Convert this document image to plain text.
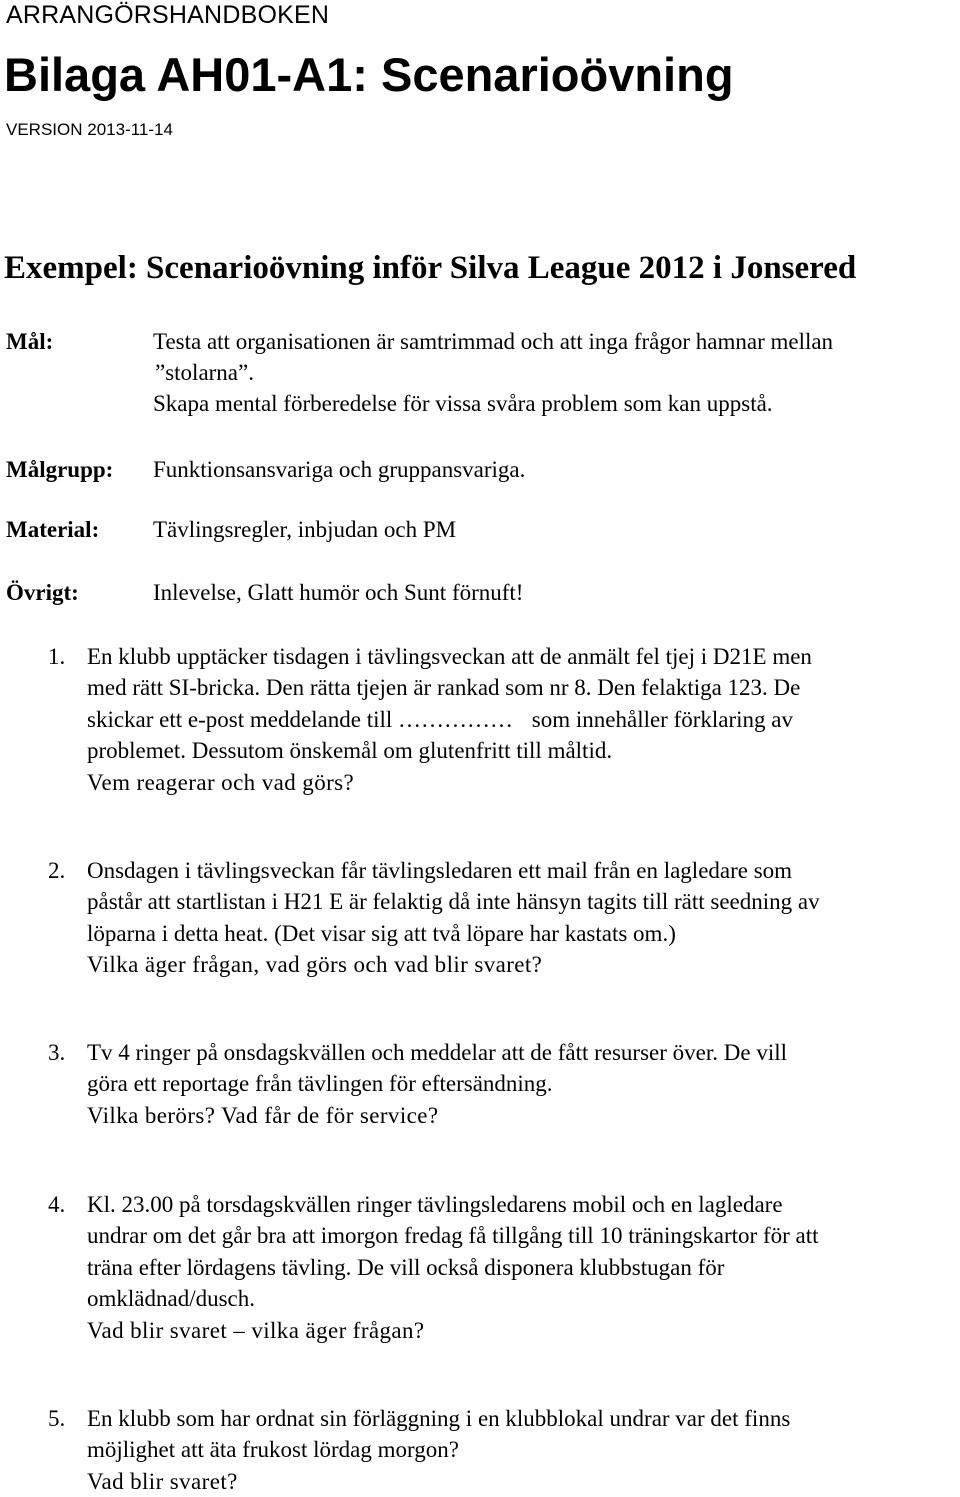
ARRANGÖRSHANDBOKEN
Bilaga AH01-A1: Scenarioövning
VERSION 2013-11-14
Exempel: Scenarioövning inför Silva League 2012 i Jonsered
Mål:	Testa att organisationen är samtrimmad och att inga frågor hamnar mellan
”stolarna”.
Skapa mental förberedelse för vissa svåra problem som kan uppstå.
Målgrupp: Funktionsansvariga och gruppansvariga.
Material: Tävlingsregler, inbjudan och PM
Övrigt:	Inlevelse, Glatt humör och Sunt förnuft!
1. En klubb upptäcker tisdagen i tävlingsveckan att de anmält fel tjej i D21E men
med rätt SI-bricka. Den rätta tjejen är rankad som nr 8. Den felaktiga 123. De
skickar ett e-post meddelande till …………… som innehåller förklaring av
problemet. Dessutom önskemål om glutenfritt till måltid.
Vem reagerar och vad görs?
2. Onsdagen i tävlingsveckan får tävlingsledaren ett mail från en lagledare som
påstår att startlistan i H21 E är felaktig då inte hänsyn tagits till rätt seedning av
löparna i detta heat. (Det visar sig att två löpare har kastats om.)
Vilka äger frågan, vad görs och vad blir svaret?
3. Tv 4 ringer på onsdagskvällen och meddelar att de fått resurser över. De vill
göra ett reportage från tävlingen för eftersändning.
Vilka berörs? Vad får de för service?
4. Kl. 23.00 på torsdagskvällen ringer tävlingsledarens mobil och en lagledare
undrar om det går bra att imorgon fredag få tillgång till 10 träningskartor för att
träna efter lördagens tävling. De vill också disponera klubbstugan för
omklädnad/dusch.
Vad blir svaret – vilka äger frågan?
5. En klubb som har ordnat sin förläggning i en klubblokal undrar var det finns
möjlighet att äta frukost lördag morgon?
Vad blir svaret?
